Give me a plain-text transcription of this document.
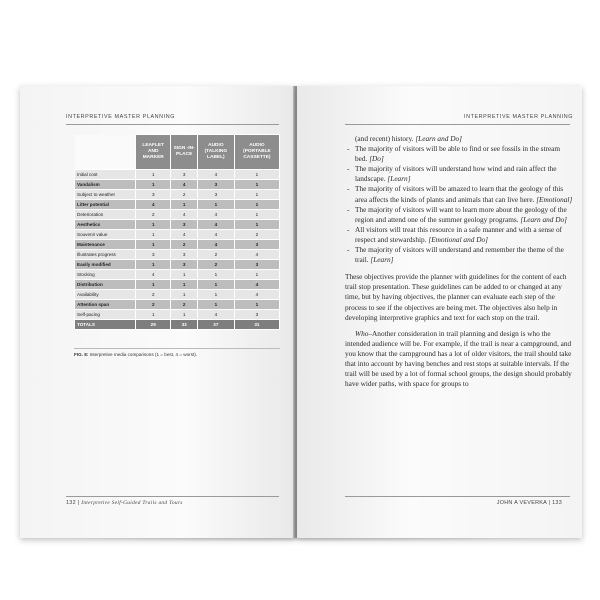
INTERPRETIVE MASTER PLANNING
	LEAFLET AND MARKER	SIGN -IN- PLACE	AUDIO (TALKING LABEL)	AUDIO (PORTABLE CASSETTE)
Initial cost	1	3	4	1
Vandalism	1	4	3	1
Subject to weather	3	2	3	1
Litter potential	4	1	1	1
Deterioration	2	4	4	1
Aesthetics	1	3	4	1
Souvenir value	1	4	4	2
Maintenance	1	2	4	3
Illustrates progress	3	3	2	4
Easily modified	1	3	2	3
Stocking	4	1	1	1
Distribution	1	1	1	4
Availability	2	1	1	4
Attention span	2	2	1	1
Self-pacing	1	1	4	3
TOTALS	29	33	37	31
FIG. 8: Interpretive media comparisons (1 = best, 4 = worst).
132 | Interpretive Self-Guided Trails and Tours
INTERPRETIVE MASTER PLANNING
(and recent) history. [Learn and Do]
- The majority of visitors will be able to find or see fossils in the stream bed. [Do]
- The majority of visitors will understand how wind and rain affect the landscape. [Learn]
- The majority of visitors will be amazed to learn that the geology of this area affects the kinds of plants and animals that can live here. [Emotional]
- The majority of visitors will want to learn more about the geology of the region and attend one of the summer geology programs. [Learn and Do]
- All visitors will treat this resource in a safe manner and with a sense of respect and stewardship. [Emotional and Do]
- The majority of visitors will understand and remember the theme of the trail. [Learn]

These objectives provide the planner with guidelines for the content of each trail stop presentation. These guidelines can be added to or changed at any time, but by having objectives, the planner can evaluate each step of the process to see if the objectives are being met. The objectives also help in developing interpretive graphics and text for each stop on the trail.

Who–Another consideration in trail planning and design is who the intended audience will be. For example, if the trail is near a campground, and you know that the campground has a lot of older visitors, the trail should take that into account by having benches and rest stops at suitable intervals. If the trail will be used by a lot of formal school groups, the design should probably have wider paths, with space for groups to

JOHN A VEVERKA | 133
